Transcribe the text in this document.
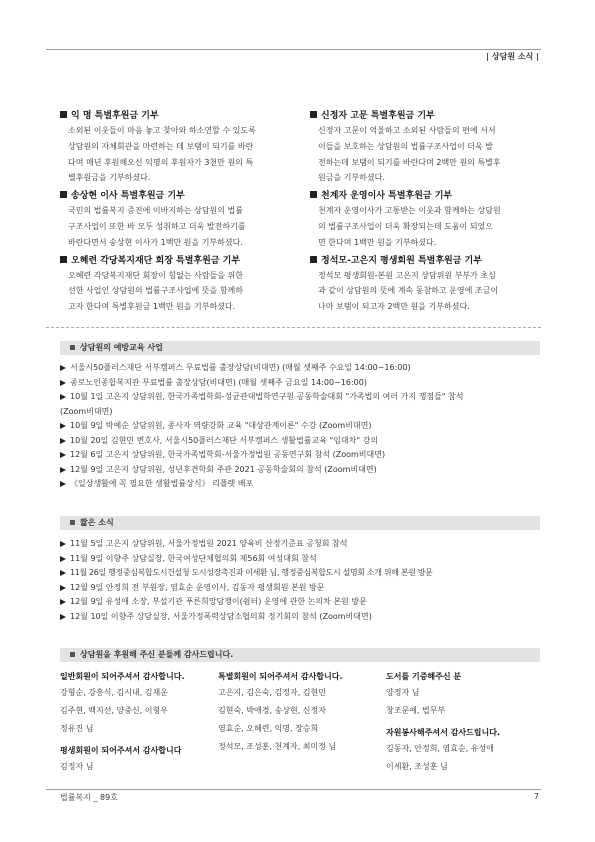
| 상담원 소식 |
익 명 특별후원금 기부
소외된 이웃들이 마음 놓고 찾아와 하소연할 수 있도록
상담원의 자체회관을 마련하는 데 보탬이 되기를 바란
다며 매년 후원해오신 익명의 후원자가 3천만 원의 특
별후원금을 기부하셨다.
송상현 이사 특별후원금 기부
국민의 법률복지 증진에 이바지하는 상담원의 법률
구조사업이 또한 바 모두 성취하고 더욱 발전하기를
바란다면서 송상현 이사가 1백만 원을 기부하셨다.
오혜련 각당복지재단 회장 특별후원금 기부
오혜련 각당복지재단 회장이 힘없는 사람들을 위한
선한 사업인 상담원의 법률구조사업에 뜻을 함께하
고자 한다며 특별후원금 1백만 원을 기부하셨다.
신정자 고문 특별후원금 기부
신정자 고문이 억울하고 소외된 사람들의 편에 서서
이들을 보호하는 상담원의 법률구조사업이 더욱 발
전하는데 보탬이 되기를 바란다며 2백만 원의 특별후
원금을 기부하셨다.
천계자 운영이사 특별후원금 기부
천계자 운영이사가 고통받는 이웃과 함께하는 상담원
의 법률구조사업이 더욱 확장되는데 도움이 되었으
면 한다며 1백만 원을 기부하셨다.
정석모-고은지 평생회원 특별후원금 기부
정석모 평생회원-본원 고은지 상담위원 부부가 초심
과 같이 상담원의 뜻에 계속 동참하고 운영에 조금이
나마 보탬이 되고자 2백만 원을 기부하셨다.
상담원의 예방교육 사업
서울시50플러스재단 서부캠퍼스 무료법률 출장상담(비대면) (매월 셋째주 수요일 14:00~16:00)
종로노인종합복지관 무료법률 출장상담(비대면) (매월 셋째주 금요일 14:00~16:00)
10월 1일 고은지 상담위원, 한국가족법학회-성균관대법학연구원 공동학술대회 "가족법의 여러 가지 쟁점들" 참석
(Zoom비대면)
10월 9일 박예순 상담위원, 종사자 역량강화 교육 "대상관계이론" 수강 (Zoom비대면)
10월 20일 김현민 변호사, 서울시50플러스재단 서부캠퍼스 생활법률교육 "임대차" 강의
12월 6일 고은지 상담위원, 한국가족법학회-서울가정법원 공동연구회 참석 (Zoom비대면)
12월 9일 고은지 상담위원, 성년후견학회 주관 2021 공동학술회의 참석 (Zoom비대면)
《일상생활에 꼭 필요한 생활법률상식》 리플렛 배포
짧은 소식
11월 5일 고은지 상담위원, 서울가정법원 2021 양육비 산정기준표 공청회 참석
11월 9일 이향주 상담실장, 한국여성단체협의회 제56회 여성대회 참석
11월 26일 행정중심복합도시건설청 도시성장촉진과 이세환 님, 행정중심복합도시 설명회 소개 위해 본원 방문
12월 9일 안정희 전 부원장, 염효순 운영이사, 김동자 평생회원 본원 방문
12월 9일 유성애 소장, 부설기관 푸른희망담쟁이(쉼터) 운영에 관한 논의차 본원 방문
12월 10일 이향주 상담실장, 서울가정폭력상담소협의회 정기회의 참석 (Zoom비대면)
상담원을 후원해 주신 분들께 감사드립니다.
일반회원이 되어주셔서 감사합니다.
강형순, 강흥식, 김시내, 김재운
김주현, 백지선, 양중신, 이형우
정유진 님
평생회원이 되어주셔서 감사합니다
김정자 님
특별회원이 되어주셔서 감사합니다.
고은지, 김은숙, 김정자, 김현민
김현숙, 박애경, 송상현, 신정자
염효순, 오혜련, 익명, 장승희
정석모, 조성훈, 천계자, 최미정 님
도서를 기증해주신 분
양정자 님
창조문예, 법무부
자원봉사해주셔서 감사드립니다.
김동자, 안정희, 염효순, 유성애
이세환, 조성훈 님
법률복지 _ 89호	7
